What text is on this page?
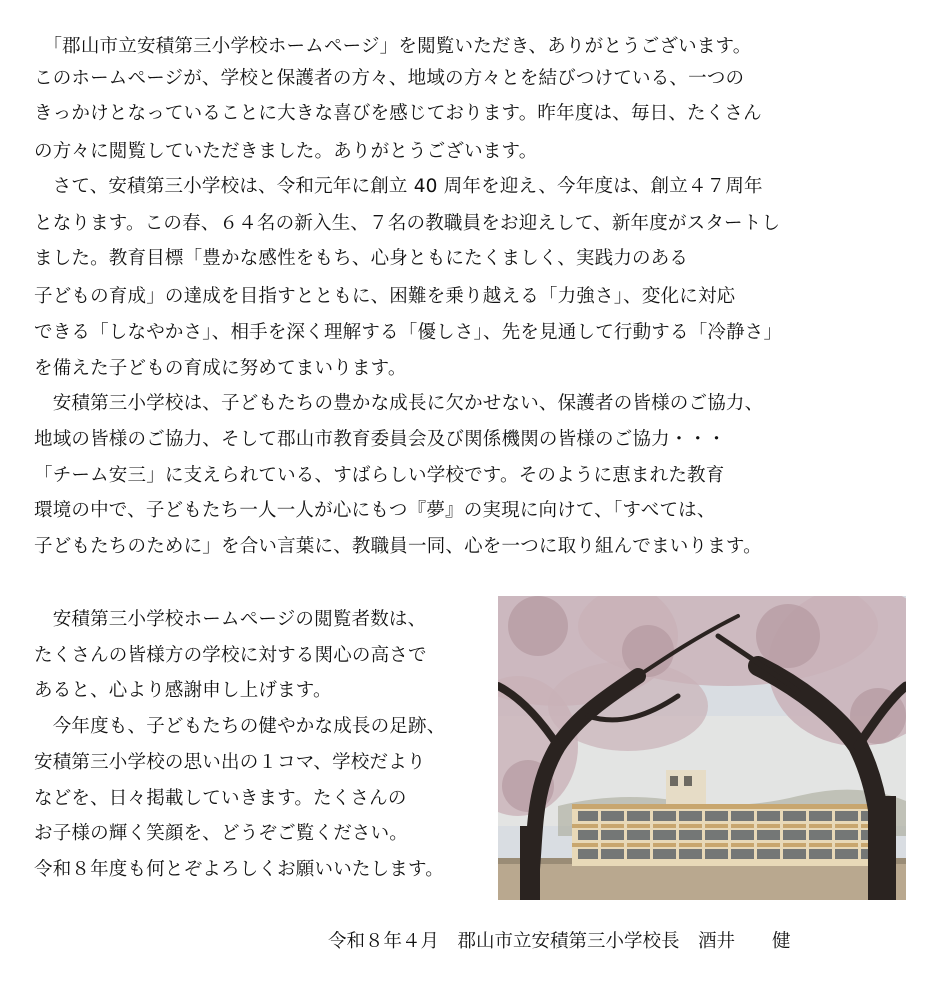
　「郡山市立安積第三小学校ホームページ」を閲覧いただき、ありがとうございます。
このホームページが、学校と保護者の方々、地域の方々とを結びつけている、一つの
きっかけとなっていることに大きな喜びを感じております。昨年度は、毎日、たくさん
の方々に閲覧していただきました。ありがとうございます。
　さて、安積第三小学校は、令和元年に創立 40 周年を迎え、今年度は、創立４７周年
となります。この春、６４名の新入生、７名の教職員をお迎えして、新年度がスタートし
ました。教育目標「豊かな感性をもち、心身ともにたくましく、実践力のある
子どもの育成」の達成を目指すとともに、困難を乗り越える「力強さ」、変化に対応
できる「しなやかさ」、相手を深く理解する「優しさ」、先を見通して行動する「冷静さ」
を備えた子どもの育成に努めてまいります。
　安積第三小学校は、子どもたちの豊かな成長に欠かせない、保護者の皆様のご協力、
地域の皆様のご協力、そして郡山市教育委員会及び関係機関の皆様のご協力・・・
「チーム安三」に支えられている、すばらしい学校です。そのように恵まれた教育
環境の中で、子どもたち一人一人が心にもつ『夢』の実現に向けて、「すべては、
子どもたちのために」を合い言葉に、教職員一同、心を一つに取り組んでまいります。
　安積第三小学校ホームページの閲覧者数は、
たくさんの皆様方の学校に対する関心の高さで
あると、心より感謝申し上げます。
　今年度も、子どもたちの健やかな成長の足跡、
安積第三小学校の思い出の１コマ、学校だより
などを、日々掲載していきます。たくさんの
お子様の輝く笑顔を、どうぞご覧ください。
令和８年度も何とぞよろしくお願いいたします。
令和８年４月　郡山市立安積第三小学校長　酒井　　健
